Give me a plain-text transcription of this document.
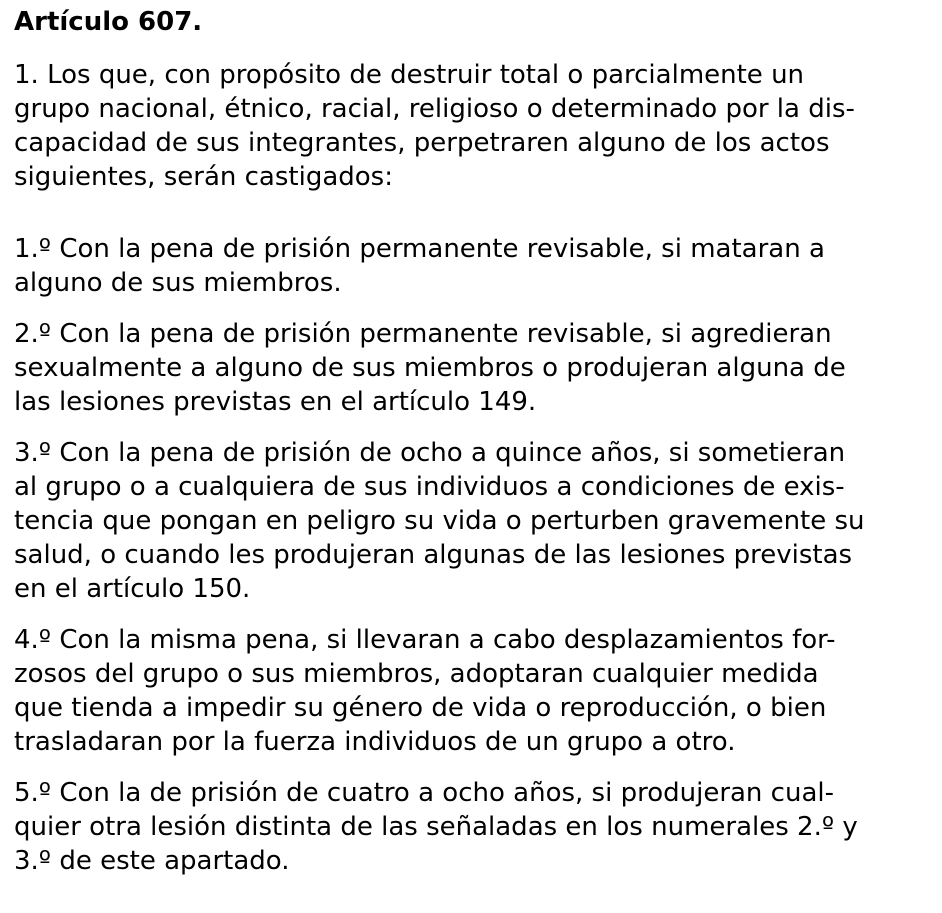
Artículo 607.
1. Los que, con propósito de destruir total o parcialmente un
grupo nacional, étnico, racial, religioso o determinado por la dis-
capacidad de sus integrantes, perpetraren alguno de los actos
siguientes, serán castigados:
1.º Con la pena de prisión permanente revisable, si mataran a
alguno de sus miembros.
2.º Con la pena de prisión permanente revisable, si agredieran
sexualmente a alguno de sus miembros o produjeran alguna de
las lesiones previstas en el artículo 149.
3.º Con la pena de prisión de ocho a quince años, si sometieran
al grupo o a cualquiera de sus individuos a condiciones de exis-
tencia que pongan en peligro su vida o perturben gravemente su
salud, o cuando les produjeran algunas de las lesiones previstas
en el artículo 150.
4.º Con la misma pena, si llevaran a cabo desplazamientos for-
zosos del grupo o sus miembros, adoptaran cualquier medida
que tienda a impedir su género de vida o reproducción, o bien
trasladaran por la fuerza individuos de un grupo a otro.
5.º Con la de prisión de cuatro a ocho años, si produjeran cual-
quier otra lesión distinta de las señaladas en los numerales 2.º y
3.º de este apartado.
